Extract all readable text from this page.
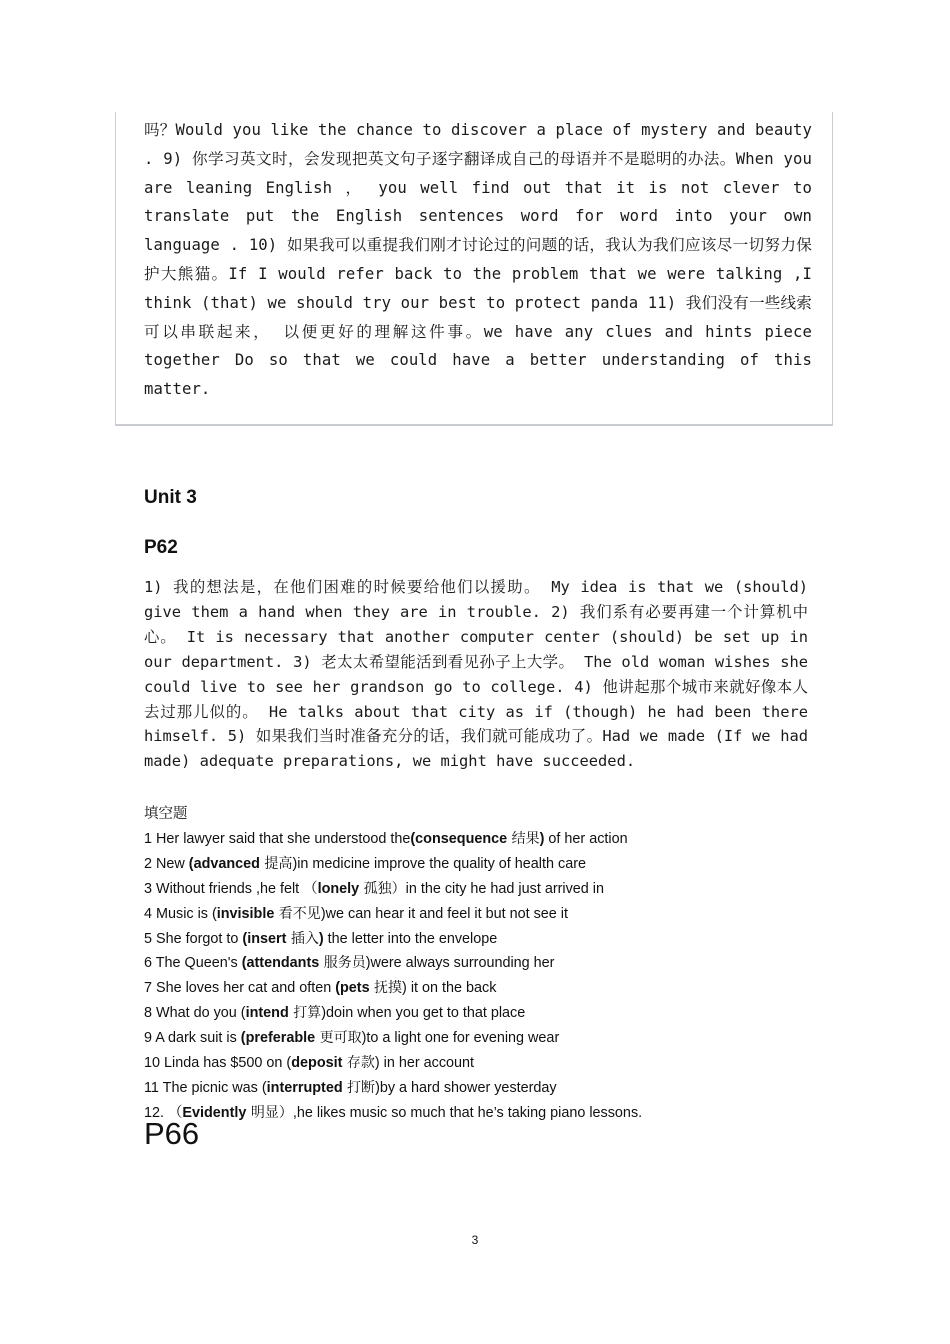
吗？Would you like the chance to discover a place of mystery and beauty . 9) 你学习英文时，会发现把英文句子逐字翻译成自己的母语并不是聪明的办法。When you are leaning English ， you well find out that it is not clever to translate put the English sentences word for word into your own language . 10) 如果我可以重提我们刚才讨论过的问题的话，我认为我们应该尽一切努力保护大熊猫。If I would refer back to the problem that we were talking ,I think (that) we should try our best to protect panda 11) 我们没有一些线索可以串联起来， 以便更好的理解这件事。we have any clues and hints piece together Do so that we could have a better understanding of this matter.
Unit 3
P62
1) 我的想法是，在他们困难的时候要给他们以援助。 My idea is that we (should) give them a hand when they are in trouble. 2) 我们系有必要再建一个计算机中心。 It is necessary that another computer center (should) be set up in our department. 3) 老太太希望能活到看见孙子上大学。 The old woman wishes she could live to see her grandson go to college. 4) 他讲起那个城市来就好像本人去过那儿似的。 He talks about that city as if (though) he had been there himself. 5) 如果我们当时准备充分的话，我们就可能成功了。Had we made (If we had made) adequate preparations, we might have succeeded.
填空题
1 Her lawyer said that she understood the(consequence 结果) of her action
2 New (advanced 提高)in medicine improve the quality of health care
3 Without friends ,he felt （lonely 孤独）in the city he had just arrived in
4 Music is (invisible 看不见)we can hear it and feel it but not see it
5 She forgot to (insert 插入) the letter into the envelope
6 The Queen's (attendants 服务员)were always surrounding her
7 She loves her cat and often (pets 抚摸) it on the back
8 What do you (intend 打算)doin when you get to that place
9 A dark suit is (preferable 更可取)to a light one for evening wear
10 Linda has $500 on (deposit 存款) in her account
11 The picnic was (interrupted 打断)by a hard shower yesterday
12. （Evidently 明显）,he likes music so much that he’s taking piano lessons.
P66
3
